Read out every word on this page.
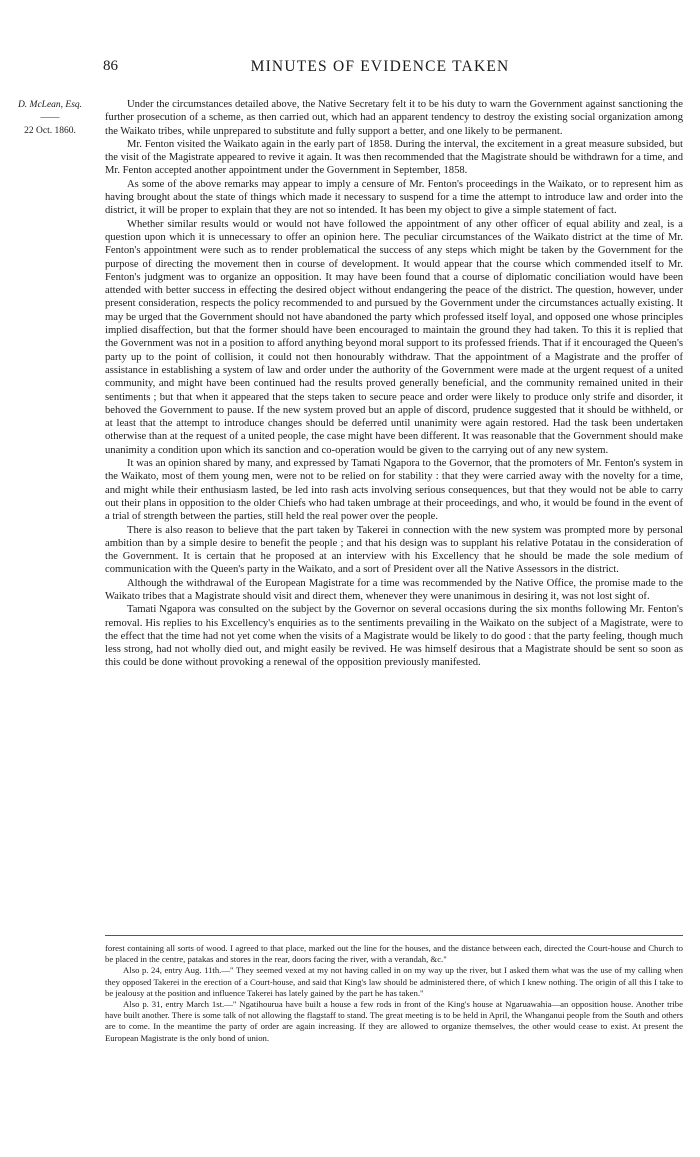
86	MINUTES OF EVIDENCE TAKEN
D. McLean, Esq.
——
22 Oct. 1860.

Under the circumstances detailed above, the Native Secretary felt it to be his duty to warn the Government against sanctioning the further prosecution of a scheme, as then carried out, which had an apparent tendency to destroy the existing social organization among the Waikato tribes, while unprepared to substitute and fully support a better, and one likely to be permanent.

Mr. Fenton visited the Waikato again in the early part of 1858. During the interval, the excitement in a great measure subsided, but the visit of the Magistrate appeared to revive it again. It was then recommended that the Magistrate should be withdrawn for a time, and Mr. Fenton accepted another appointment under the Government in September, 1858.

As some of the above remarks may appear to imply a censure of Mr. Fenton's proceedings in the Waikato, or to represent him as having brought about the state of things which made it necessary to suspend for a time the attempt to introduce law and order into the district, it will be proper to explain that they are not so intended. It has been my object to give a simple statement of fact.

Whether similar results would or would not have followed the appointment of any other officer of equal ability and zeal, is a question upon which it is unnecessary to offer an opinion here. The peculiar circumstances of the Waikato district at the time of Mr. Fenton's appointment were such as to render problematical the success of any steps which might be taken by the Government for the purpose of directing the movement then in course of development. It would appear that the course which commended itself to Mr. Fenton's judgment was to organize an opposition. It may have been found that a course of diplomatic conciliation would have been attended with better success in effecting the desired object without endangering the peace of the district. The question, however, under present consideration, respects the policy recommended to and pursued by the Government under the circumstances actually existing. It may be urged that the Government should not have abandoned the party which professed itself loyal, and opposed one whose principles implied disaffection, but that the former should have been encouraged to maintain the ground they had taken. To this it is replied that the Government was not in a position to afford anything beyond moral support to its professed friends. That if it encouraged the Queen's party up to the point of collision, it could not then honourably withdraw. That the appointment of a Magistrate and the proffer of assistance in establishing a system of law and order under the authority of the Government were made at the urgent request of a united community, and might have been continued had the results proved generally beneficial, and the community remained united in their sentiments ; but that when it appeared that the steps taken to secure peace and order were likely to produce only strife and disorder, it behoved the Government to pause. If the new system proved but an apple of discord, prudence suggested that it should be withheld, or at least that the attempt to introduce changes should be deferred until unanimity were again restored. Had the task been undertaken otherwise than at the request of a united people, the case might have been different. It was reasonable that the Government should make unanimity a condition upon which its sanction and co-operation would be given to the carrying out of any new system.

It was an opinion shared by many, and expressed by Tamati Ngapora to the Governor, that the promoters of Mr. Fenton's system in the Waikato, most of them young men, were not to be relied on for stability : that they were carried away with the novelty for a time, and might while their enthusiasm lasted, be led into rash acts involving serious consequences, but that they would not be able to carry out their plans in opposition to the older Chiefs who had taken umbrage at their proceedings, and who, it would be found in the event of a trial of strength between the parties, still held the real power over the people.

There is also reason to believe that the part taken by Takerei in connection with the new system was prompted more by personal ambition than by a simple desire to benefit the people ; and that his design was to supplant his relative Potatau in the consideration of the Government. It is certain that he proposed at an interview with his Excellency that he should be made the sole medium of communication with the Queen's party in the Waikato, and a sort of President over all the Native Assessors in the district.

Although the withdrawal of the European Magistrate for a time was recommended by the Native Office, the promise made to the Waikato tribes that a Magistrate should visit and direct them, whenever they were unanimous in desiring it, was not lost sight of.

Tamati Ngapora was consulted on the subject by the Governor on several occasions during the six months following Mr. Fenton's removal. His replies to his Excellency's enquiries as to the sentiments prevailing in the Waikato on the subject of a Magistrate, were to the effect that the time had not yet come when the visits of a Magistrate would be likely to do good : that the party feeling, though much less strong, had not wholly died out, and might easily be revived. He was himself desirous that a Magistrate should be sent so soon as this could be done without provoking a renewal of the opposition previously manifested.

forest containing all sorts of wood. I agreed to that place, marked out the line for the houses, and the distance between each, directed the Court-house and Church to be placed in the centre, patakas and stores in the rear, doors facing the river, with a verandah, &c."

Also p. 24, entry Aug. 11th.—" They seemed vexed at my not having called in on my way up the river, but I asked them what was the use of my calling when they opposed Takerei in the erection of a Court-house, and said that King's law should be administered there, of which I knew nothing. The origin of all this I take to be jealousy at the position and influence Takerei has lately gained by the part he has taken."

Also p. 31, entry March 1st.—" Ngatihourua have built a house a few rods in front of the King's house at Ngaruawahia—an opposition house. Another tribe have built another. There is some talk of not allowing the flagstaff to stand. The great meeting is to be held in April, the Whanganui people from the South and others are to come. In the meantime the party of order are again increasing. If they are allowed to organize themselves, the other would cease to exist. At present the European Magistrate is the only bond of union.
